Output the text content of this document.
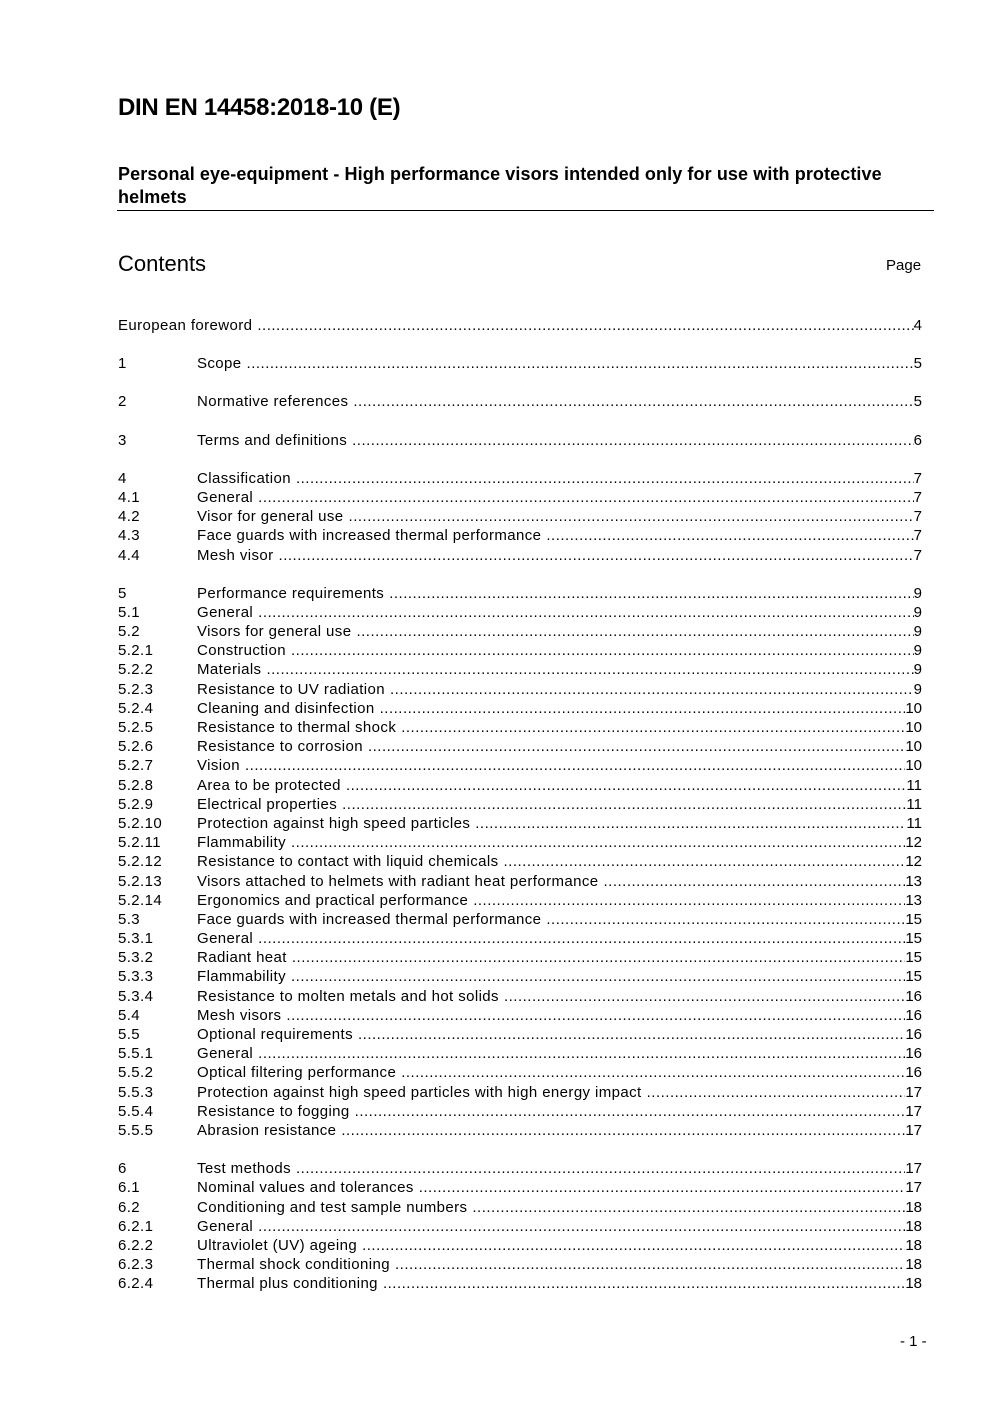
DIN EN 14458:2018-10 (E)
Personal eye-equipment - High performance visors intended only for use with protective helmets
Contents	Page
European foreword .....	4
1	Scope .....	5
2	Normative references .....	5
3	Terms and definitions .....	6
4	Classification .....	7
4.1	General .....	7
4.2	Visor for general use .....	7
4.3	Face guards with increased thermal performance .....	7
4.4	Mesh visor .....	7
5	Performance requirements .....	9
5.1	General .....	9
5.2	Visors for general use .....	9
5.2.1	Construction .....	9
5.2.2	Materials .....	9
5.2.3	Resistance to UV radiation .....	9
5.2.4	Cleaning and disinfection .....	10
5.2.5	Resistance to thermal shock .....	10
5.2.6	Resistance to corrosion .....	10
5.2.7	Vision .....	10
5.2.8	Area to be protected .....	11
5.2.9	Electrical properties .....	11
5.2.10	Protection against high speed particles .....	11
5.2.11	Flammability .....	12
5.2.12	Resistance to contact with liquid chemicals .....	12
5.2.13	Visors attached to helmets with radiant heat performance .....	13
5.2.14	Ergonomics and practical performance .....	13
5.3	Face guards with increased thermal performance .....	15
5.3.1	General .....	15
5.3.2	Radiant heat .....	15
5.3.3	Flammability .....	15
5.3.4	Resistance to molten metals and hot solids .....	16
5.4	Mesh visors .....	16
5.5	Optional requirements .....	16
5.5.1	General .....	16
5.5.2	Optical filtering performance .....	16
5.5.3	Protection against high speed particles with high energy impact .....	17
5.5.4	Resistance to fogging .....	17
5.5.5	Abrasion resistance .....	17
6	Test methods .....	17
6.1	Nominal values and tolerances .....	17
6.2	Conditioning and test sample numbers .....	18
6.2.1	General .....	18
6.2.2	Ultraviolet (UV) ageing .....	18
6.2.3	Thermal shock conditioning .....	18
6.2.4	Thermal plus conditioning .....	18
- 1 -
